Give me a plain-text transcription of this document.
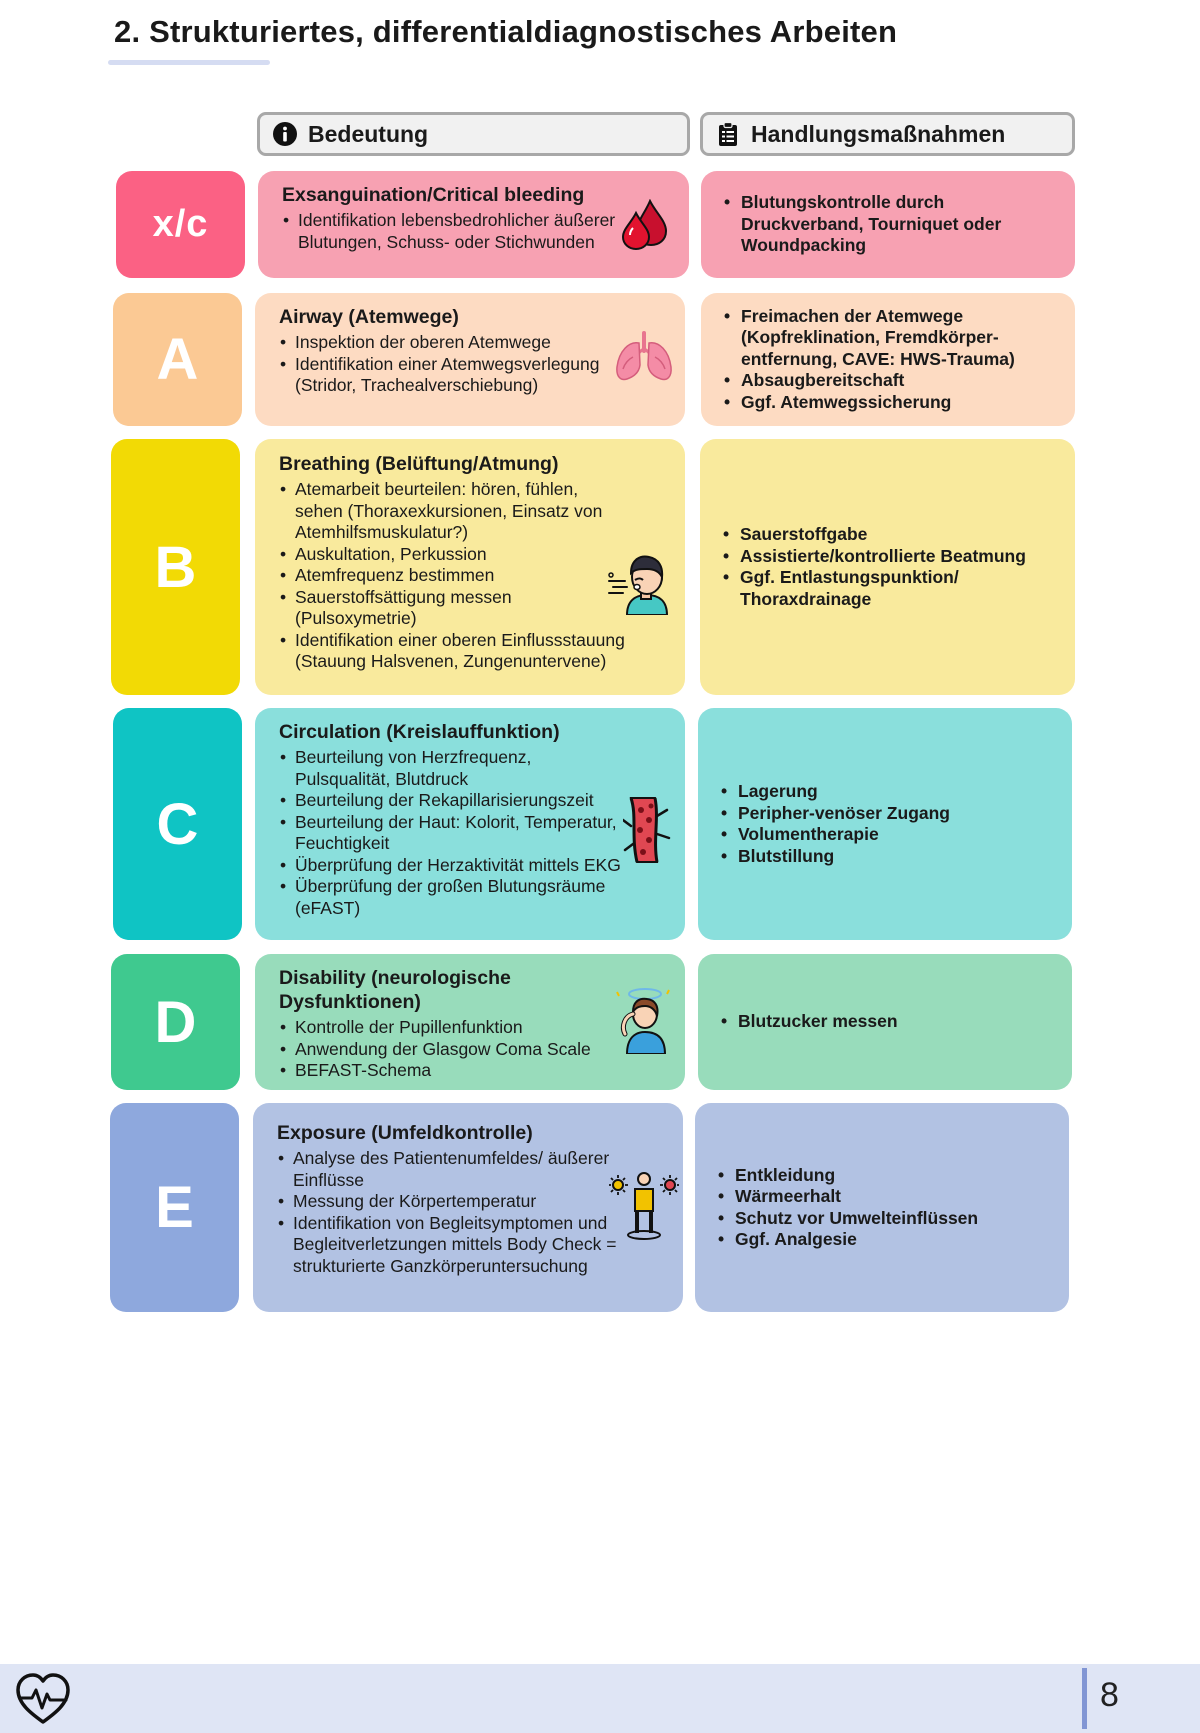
2. Strukturiertes, differentialdiagnostisches Arbeiten
Bedeutung	Handlungsmaßnahmen
x/c
Exsanguination/Critical bleeding
• Identifikation lebensbedrohlicher äußerer Blutungen, Schuss- oder Stichwunden
• Blutungskontrolle durch Druckverband, Tourniquet oder Woundpacking
A
Airway (Atemwege)
• Inspektion der oberen Atemwege
• Identifikation einer Atemwegsverlegung (Stridor, Trachealverschiebung)
• Freimachen der Atemwege (Kopfreklination, Fremdkörper-entfernung, CAVE: HWS-Trauma)
• Absaugbereitschaft
• Ggf. Atemwegssicherung
B
Breathing (Belüftung/Atmung)
• Atemarbeit beurteilen: hören, fühlen, sehen (Thoraxexkursionen, Einsatz von Atemhilfsmuskulatur?)
• Auskultation, Perkussion
• Atemfrequenz bestimmen
• Sauerstoffsättigung messen (Pulsoxymetrie)
• Identifikation einer oberen Einflussstauung (Stauung Halsvenen, Zungenuntervene)
• Sauerstoffgabe
• Assistierte/kontrollierte Beatmung
• Ggf. Entlastungspunktion/ Thoraxdrainage
C
Circulation (Kreislauffunktion)
• Beurteilung von Herzfrequenz, Pulsqualität, Blutdruck
• Beurteilung der Rekapillarisierungszeit
• Beurteilung der Haut: Kolorit, Temperatur, Feuchtigkeit
• Überprüfung der Herzaktivität mittels EKG
• Überprüfung der großen Blutungsräume (eFAST)
• Lagerung
• Peripher-venöser Zugang
• Volumentherapie
• Blutstillung
D
Disability (neurologische Dysfunktionen)
• Kontrolle der Pupillenfunktion
• Anwendung der Glasgow Coma Scale
• BEFAST-Schema
• Blutzucker messen
E
Exposure (Umfeldkontrolle)
• Analyse des Patientenumfeldes/ äußerer Einflüsse
• Messung der Körpertemperatur
• Identifikation von Begleitsymptomen und Begleitverletzungen mittels Body Check = strukturierte Ganzkörperuntersuchung
• Entkleidung
• Wärmeerhalt
• Schutz vor Umwelteinflüssen
• Ggf. Analgesie
8
